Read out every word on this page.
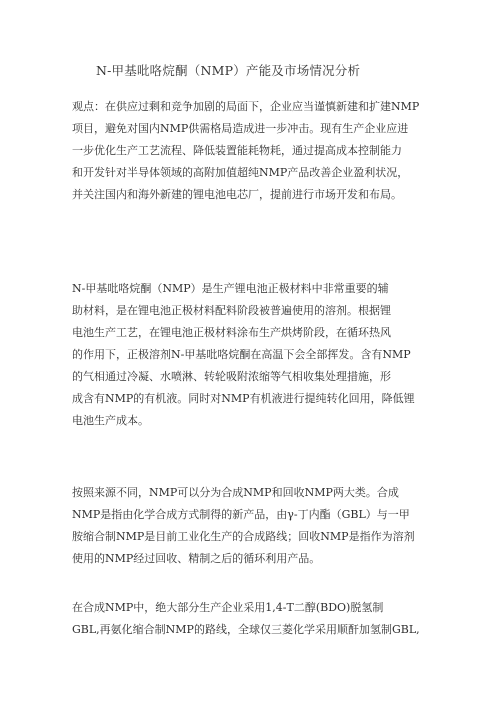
N-甲基吡咯烷酮（NMP）产能及市场情况分析
观点：在供应过剩和竞争加剧的局面下，企业应当谨慎新建和扩建NMP
项目，避免对国内NMP供需格局造成进一步冲击。现有生产企业应进
一步优化生产工艺流程、降低装置能耗物耗，通过提高成本控制能力
和开发针对半导体领域的高附加值超纯NMP产品改善企业盈利状况，
并关注国内和海外新建的锂电池电芯厂，提前进行市场开发和布局。
N-甲基吡咯烷酮（NMP）是生产锂电池正极材料中非常重要的辅
助材料，是在锂电池正极材料配料阶段被普遍使用的溶剂。根据锂
电池生产工艺，在锂电池正极材料涂布生产烘烤阶段，在循环热风
的作用下，正极溶剂N-甲基吡咯烷酮在高温下会全部挥发。含有NMP
的气相通过冷凝、水喷淋、转轮吸附浓缩等气相收集处理措施，形
成含有NMP的有机液。同时对NMP有机液进行提纯转化回用，降低锂
电池生产成本。
按照来源不同，NMP可以分为合成NMP和回收NMP两大类。合成
NMP是指由化学合成方式制得的新产品，由γ-丁内酯（GBL）与一甲
胺缩合制NMP是目前工业化生产的合成路线；回收NMP是指作为溶剂
使用的NMP经过回收、精制之后的循环利用产品。
在合成NMP中，绝大部分生产企业采用1,4-T二醇(BDO)脱氢制
GBL,再氨化缩合制NMP的路线，全球仅三菱化学采用顺酐加氢制GBL,
